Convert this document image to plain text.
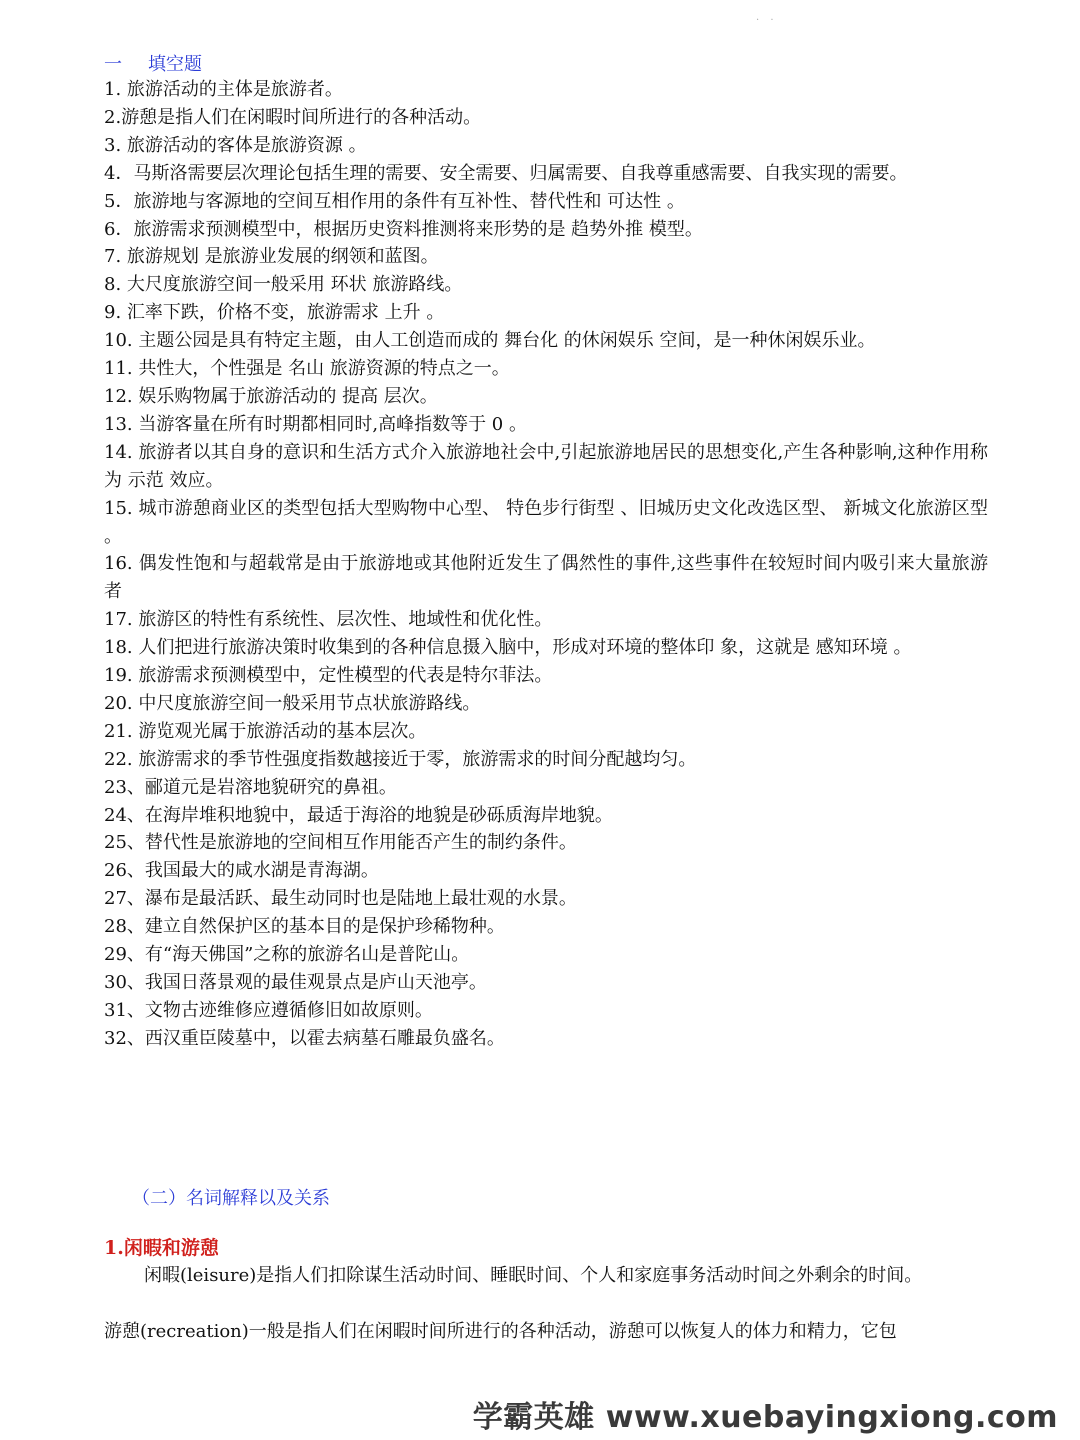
. .
一 填空题
1. 旅游活动的主体是旅游者。
2.游憩是指人们在闲暇时间所进行的各种活动。
3. 旅游活动的客体是旅游资源 。
4．马斯洛需要层次理论包括生理的需要、安全需要、归属需要、自我尊重感需要、自我实现的需要。
5．旅游地与客源地的空间互相作用的条件有互补性、替代性和 可达性 。
6．旅游需求预测模型中，根据历史资料推测将来形势的是 趋势外推 模型。
7. 旅游规划 是旅游业发展的纲领和蓝图。
8. 大尺度旅游空间一般采用 环状 旅游路线。
9. 汇率下跌，价格不变，旅游需求 上升 。
10. 主题公园是具有特定主题，由人工创造而成的 舞台化 的休闲娱乐 空间，是一种休闲娱乐业。
11. 共性大，个性强是 名山 旅游资源的特点之一。
12. 娱乐购物属于旅游活动的 提高 层次。
13. 当游客量在所有时期都相同时,高峰指数等于 0 。
14. 旅游者以其自身的意识和生活方式介入旅游地社会中,引起旅游地居民的思想变化,产生各种影响,这种作用称为 示范 效应。
15. 城市游憩商业区的类型包括大型购物中心型、 特色步行街型 、旧城历史文化改选区型、 新城文化旅游区型 。
16. 偶发性饱和与超载常是由于旅游地或其他附近发生了偶然性的事件,这些事件在较短时间内吸引来大量旅游者
17. 旅游区的特性有系统性、层次性、地域性和优化性。
18. 人们把进行旅游决策时收集到的各种信息摄入脑中，形成对环境的整体印 象，这就是 感知环境 。
19. 旅游需求预测模型中，定性模型的代表是特尔菲法。
20. 中尺度旅游空间一般采用节点状旅游路线。
21. 游览观光属于旅游活动的基本层次。
22. 旅游需求的季节性强度指数越接近于零，旅游需求的时间分配越均匀。
23、郦道元是岩溶地貌研究的鼻祖。
24、在海岸堆积地貌中，最适于海浴的地貌是砂砾质海岸地貌。
25、替代性是旅游地的空间相互作用能否产生的制约条件。
26、我国最大的咸水湖是青海湖。
27、瀑布是最活跃、最生动同时也是陆地上最壮观的水景。
28、建立自然保护区的基本目的是保护珍稀物种。
29、有“海天佛国”之称的旅游名山是普陀山。
30、我国日落景观的最佳观景点是庐山天池亭。
31、文物古迹维修应遵循修旧如故原则。
32、西汉重臣陵墓中，以霍去病墓石雕最负盛名。
（二）名词解释以及关系
1.闲暇和游憩

闲暇(leisure)是指人们扣除谋生活动时间、睡眠时间、个人和家庭事务活动时间之外剩余的时间。

游憩(recreation)一般是指人们在闲暇时间所进行的各种活动，游憩可以恢复人的体力和精力，它包

学霸英雄 www.xuebayingxiong.com
